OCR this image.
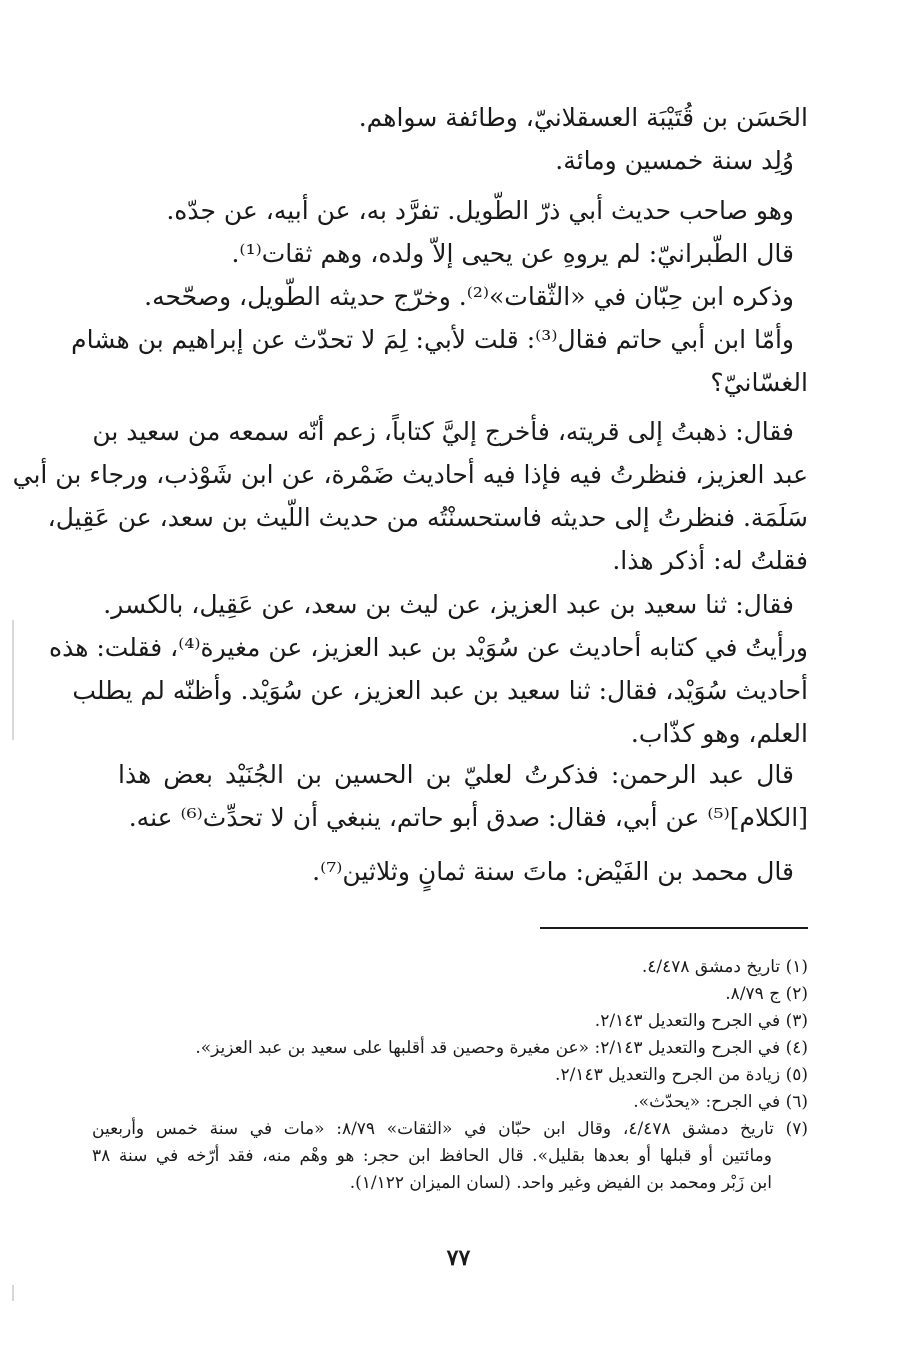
الحَسَن بن قُتَيْبَة العسقلانيّ، وطائفة سواهم.
وُلِد سنة خمسين ومائة.
وهو صاحب حديث أبي ذرّ الطّويل. تفرَّد به، عن أبيه، عن جدّه.
قال الطّبرانيّ: لم يروهِ عن يحيى إلاّ ولده، وهم ثقات⁽¹⁾.
وذكره ابن حِبّان في «الثّقات»⁽²⁾. وخرّج حديثه الطّويل، وصحّحه.
وأمّا ابن أبي حاتم فقال⁽³⁾: قلت لأبي: لِمَ لا تحدّث عن إبراهيم بن هشام
الغسّانيّ؟
فقال: ذهبتُ إلى قريته، فأخرج إليَّ كتاباً، زعم أنّه سمعه من سعيد بن
عبد العزيز، فنظرتُ فيه فإذا فيه أحاديث ضَمْرة، عن ابن شَوْذب، ورجاء بن أبي
سَلَمَة. فنظرتُ إلى حديثه فاستحسنْتُه من حديث اللّيث بن سعد، عن عَقِيل،
فقلتُ له: أذكر هذا.
فقال: ثنا سعيد بن عبد العزيز، عن ليث بن سعد، عن عَقِيل، بالكسر.
ورأيتُ في كتابه أحاديث عن سُوَيْد بن عبد العزيز، عن مغيرة⁽⁴⁾، فقلت: هذه
أحاديث سُوَيْد، فقال: ثنا سعيد بن عبد العزيز، عن سُوَيْد. وأظنّه لم يطلب
العلم، وهو كذّاب.
قال عبد الرحمن: فذكرتُ لعليّ بن الحسين بن الجُنَيْد بعض هذا
[الكلام]⁽⁵⁾ عن أبي، فقال: صدق أبو حاتم، ينبغي أن لا تحدِّث⁽⁶⁾ عنه.
قال محمد بن الفَيْض: ماتَ سنة ثمانٍ وثلاثين⁽⁷⁾.
(١) تاريخ دمشق ٤/٤٧٨.
(٢) ج ٨/٧٩.
(٣) في الجرح والتعديل ٢/١٤٣.
(٤) في الجرح والتعديل ٢/١٤٣: «عن مغيرة وحصين قد أقلبها على سعيد بن عبد العزيز».
(٥) زيادة من الجرح والتعديل ٢/١٤٣.
(٦) في الجرح: «يحدّث».
(٧) تاريخ دمشق ٤/٤٧٨، وقال ابن حبّان في «الثقات» ٨/٧٩: «مات في سنة خمس وأربعين
ومائتين أو قبلها أو بعدها بقليل». قال الحافظ ابن حجر: هو وهْم منه، فقد أرّخه في سنة ٣٨
ابن زَبْر ومحمد بن الفيض وغير واحد. (لسان الميزان ١/١٢٢).
٧٧
